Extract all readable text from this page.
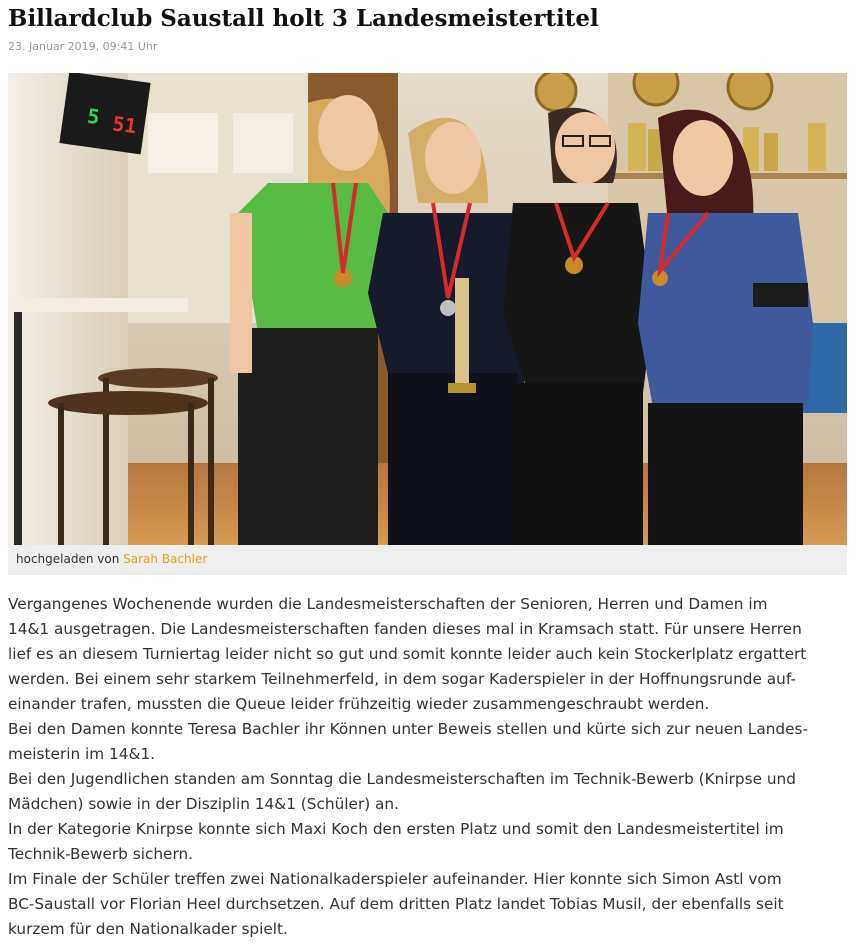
Billardclub Saustall holt 3 Landesmeistertitel
23. Januar 2019, 09:41 Uhr
5 51
hochgeladen von Sarah Bachler

Vergangenes Wochenende wurden die Landesmeisterschaften der Senioren, Herren und Damen im

14&1 ausgetragen. Die Landesmeisterschaften fanden dieses mal in Kramsach statt. Für unsere Herren

lief es an diesem Turniertag leider nicht so gut und somit konnte leider auch kein Stockerlplatz ergattert

werden. Bei einem sehr starkem Teilnehmerfeld, in dem sogar Kaderspieler in der Hoffnungsrunde auf-

einander trafen, mussten die Queue leider frühzeitig wieder zusammengeschraubt werden.

Bei den Damen konnte Teresa Bachler ihr Können unter Beweis stellen und kürte sich zur neuen Landes-

meisterin im 14&1.

Bei den Jugendlichen standen am Sonntag die Landesmeisterschaften im Technik-Bewerb (Knirpse und

Mädchen) sowie in der Disziplin 14&1 (Schüler) an.

In der Kategorie Knirpse konnte sich Maxi Koch den ersten Platz und somit den Landesmeistertitel im

Technik-Bewerb sichern.

Im Finale der Schüler treffen zwei Nationalkaderspieler aufeinander. Hier konnte sich Simon Astl vom

BC-Saustall vor Florian Heel durchsetzen. Auf dem dritten Platz landet Tobias Musil, der ebenfalls seit

kurzem für den Nationalkader spielt.
